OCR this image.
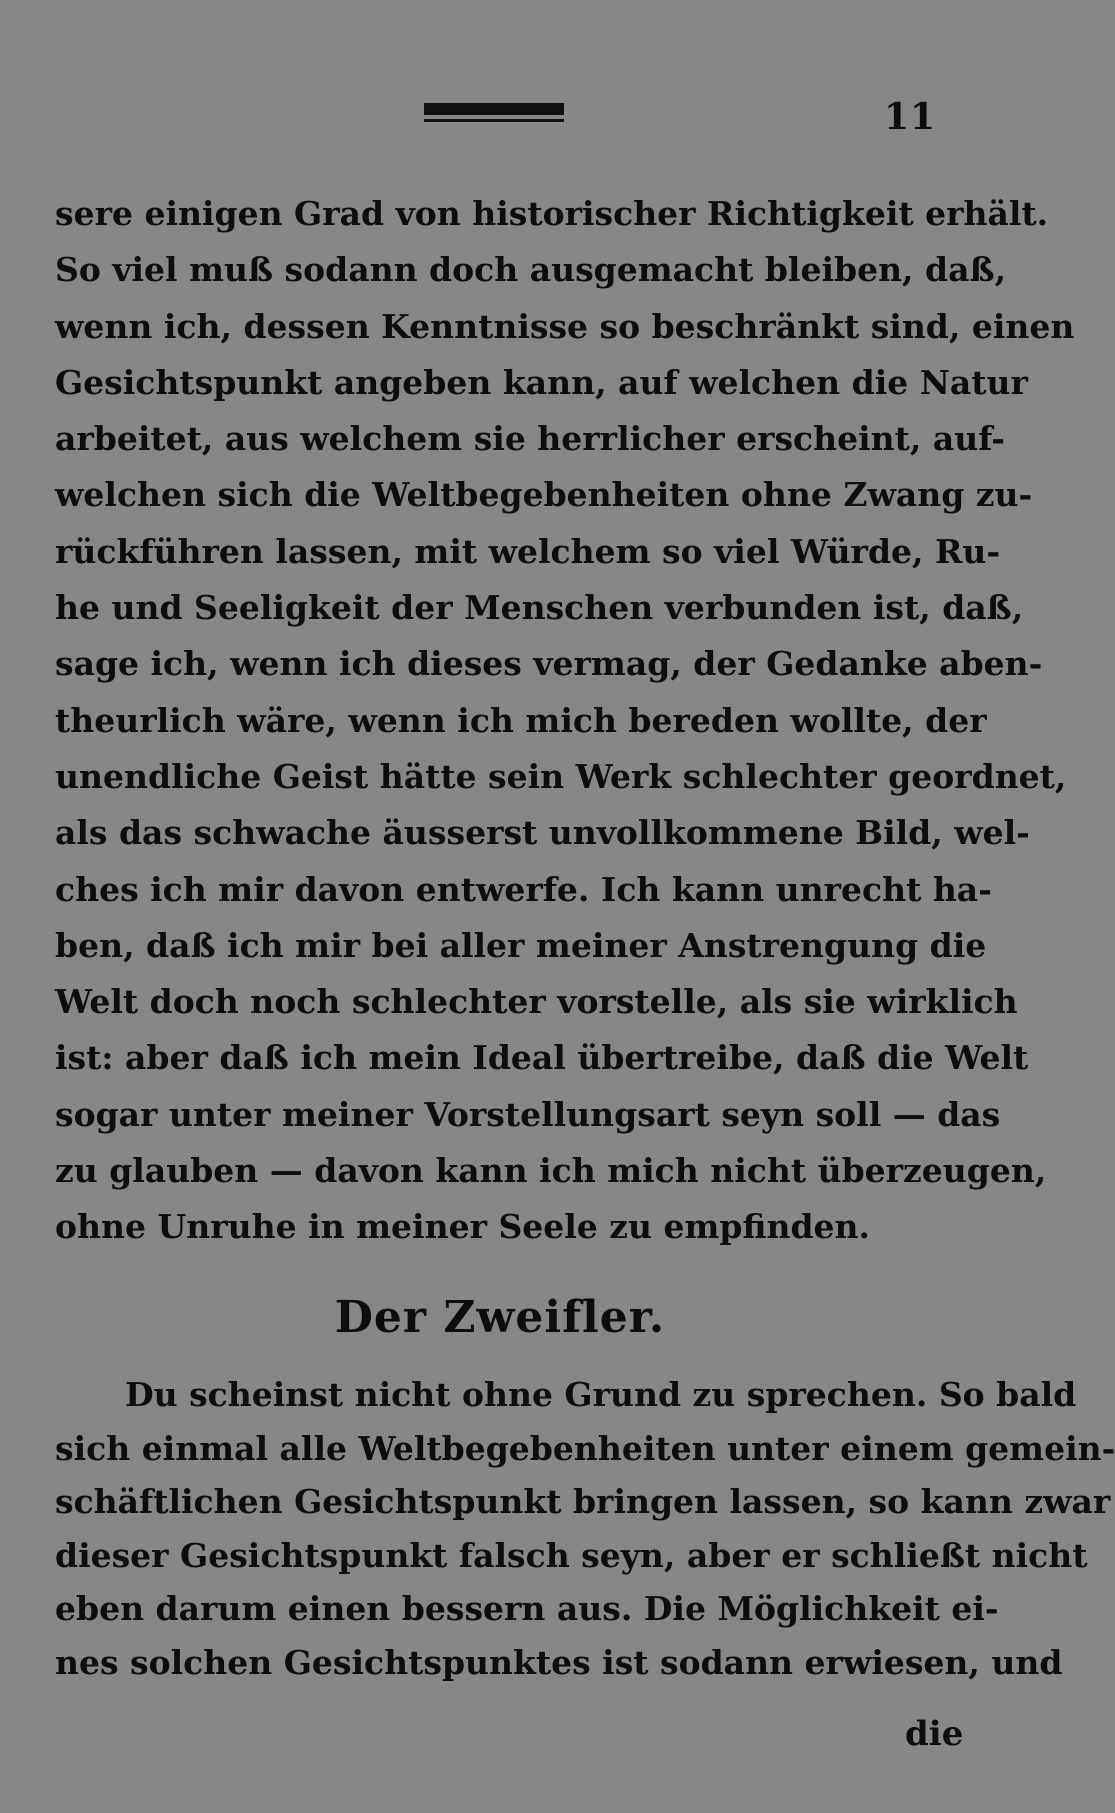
11
sere einigen Grad von historischer Richtigkeit erhält.
So viel muß sodann doch ausgemacht bleiben, daß,
wenn ich, dessen Kenntnisse so beschränkt sind, einen
Gesichtspunkt angeben kann, auf welchen die Natur
arbeitet, aus welchem sie herrlicher erscheint, auf-
welchen sich die Weltbegebenheiten ohne Zwang zu-
rückführen lassen, mit welchem so viel Würde, Ru-
he und Seeligkeit der Menschen verbunden ist, daß,
sage ich, wenn ich dieses vermag, der Gedanke aben-
theurlich wäre, wenn ich mich bereden wollte, der
unendliche Geist hätte sein Werk schlechter geordnet,
als das schwache äusserst unvollkommene Bild, wel-
ches ich mir davon entwerfe. Ich kann unrecht ha-
ben, daß ich mir bei aller meiner Anstrengung die
Welt doch noch schlechter vorstelle, als sie wirklich
ist: aber daß ich mein Ideal übertreibe, daß die Welt
sogar unter meiner Vorstellungsart seyn soll — das
zu glauben — davon kann ich mich nicht überzeugen,
ohne Unruhe in meiner Seele zu empfinden.
Der Zweifler.
Du scheinst nicht ohne Grund zu sprechen. So bald
sich einmal alle Weltbegebenheiten unter einem gemein-
schäftlichen Gesichtspunkt bringen lassen, so kann zwar
dieser Gesichtspunkt falsch seyn, aber er schließt nicht
eben darum einen bessern aus. Die Möglichkeit ei-
nes solchen Gesichtspunktes ist sodann erwiesen, und
die
